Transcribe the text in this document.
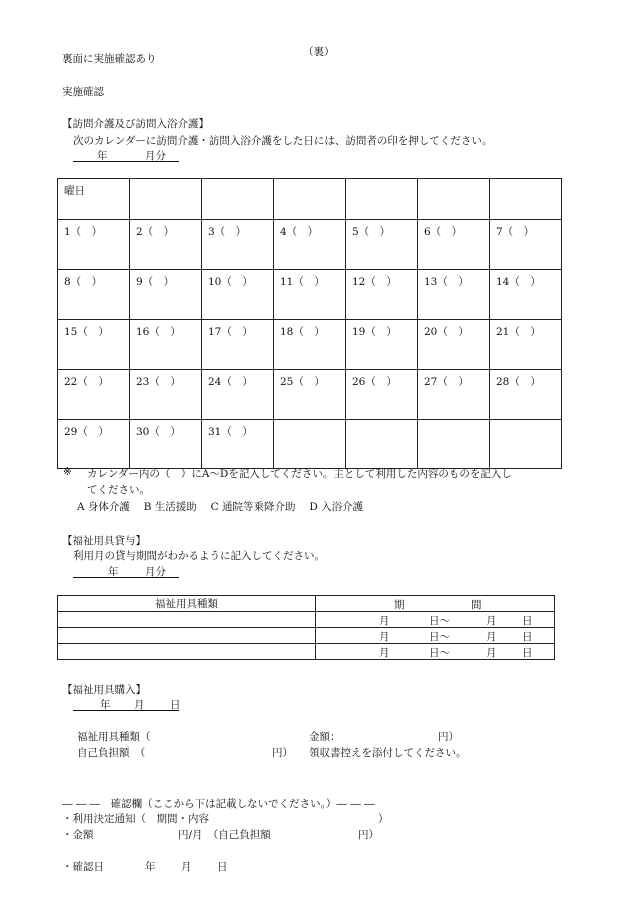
裏面に実施確認あり
（裏）
実施確認
【訪問介護及び訪問入浴介護】
次のカレンダーに訪問介護・訪問入浴介護をした日には、訪問者の印を押してください。
年	月分
曜日						

1（　）	2（　）	3（　）	4（　）	5（　）	6（　）	7（　）

8（　）	9（　）	10（　）	11（　）	12（　）	13（　）	14（　）

15（　）	16（　）	17（　）	18（　）	19（　）	20（　）	21（　）

22（　）	23（　）	24（　）	25（　）	26（　）	27（　）	28（　）

29（　）	30（　）	31（　）				

※ カレンダー内の（　）にA～Dを記入してください。主として利用した内容のものを記入し
てください。
A 身体介護　 B 生活援助　 C 通院等乗降介助　 D 入浴介護
【福祉用具貸与】
利用月の貸与期間がわかるように記入してください。
年	月分
福祉用具種類	期 間

	月 日～ 月 日

	月 日～ 月 日

	月 日～ 月 日
【福祉用具購入】
年 月 日
福祉用具種類（	金額：	円）
自己負担額　（	円） 領収書控えを添付してください。
― ― ―　確認欄（ここから下は記載しないでください。）― ― ―
・利用決定通知（　期間・内容	）
・金額	円/月　（自己負担額	円）
・確認日	年 月 日
